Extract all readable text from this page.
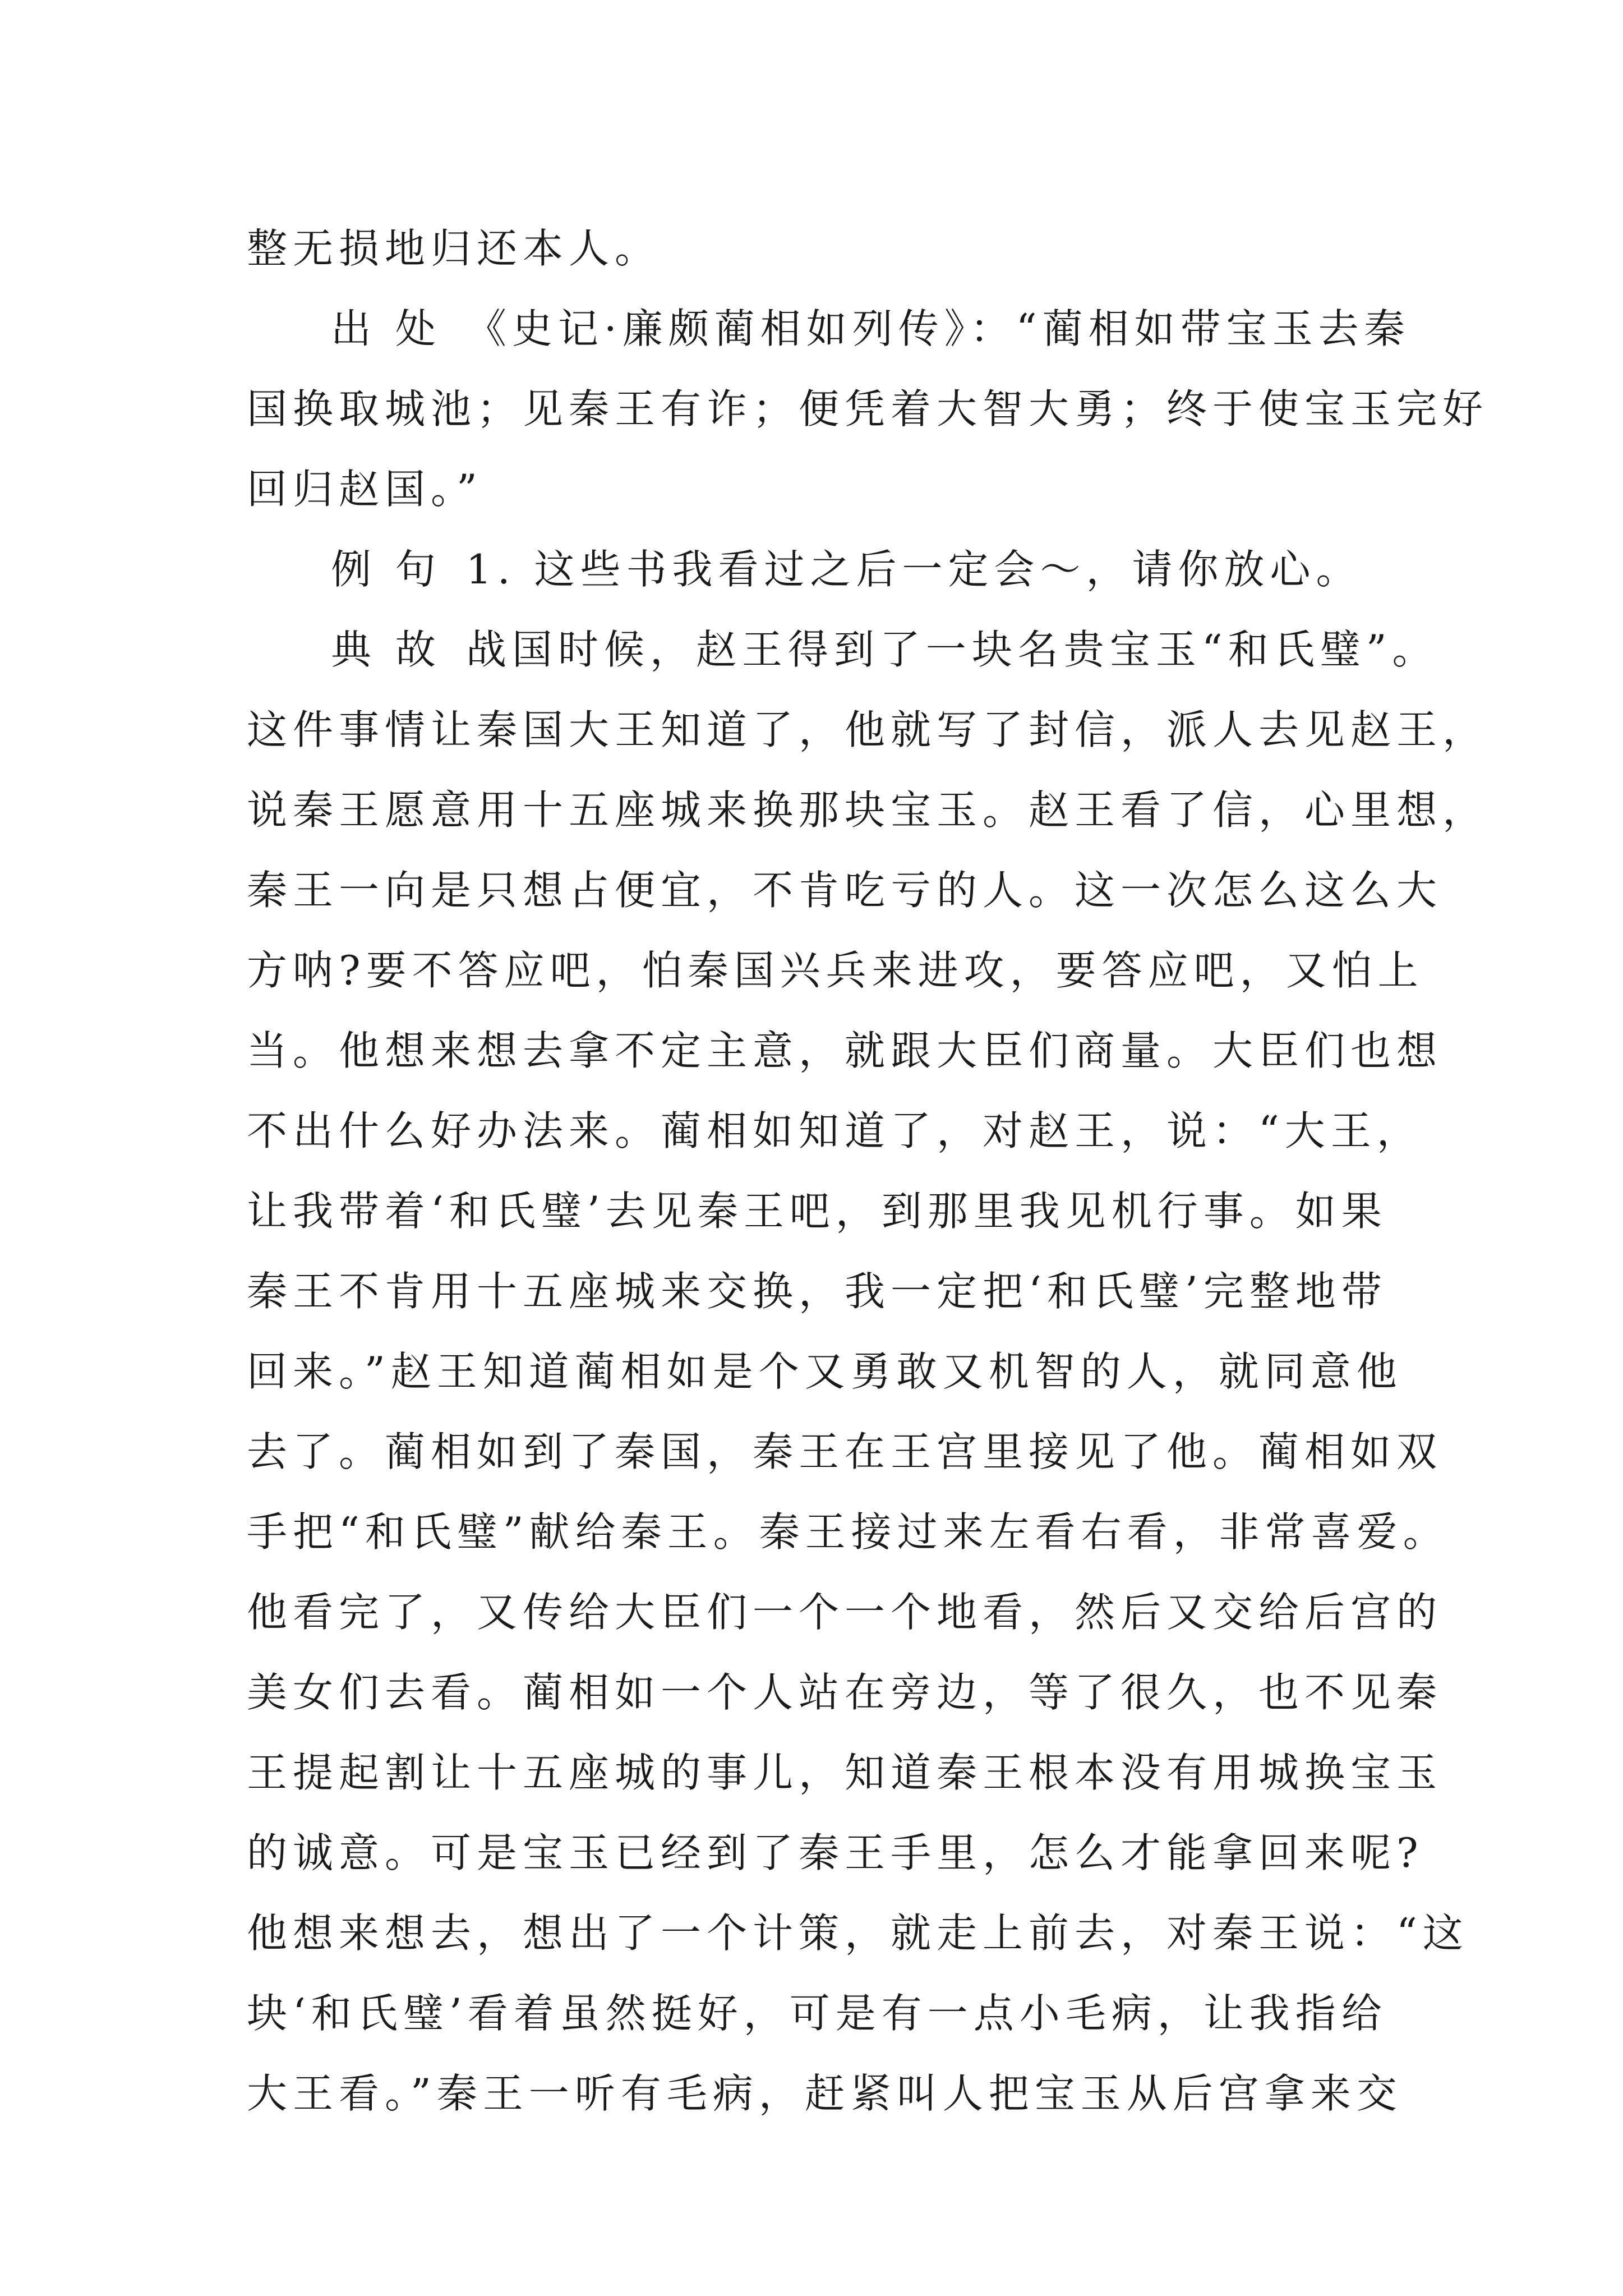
整无损地归还本人。
出 处 《史记·廉颇蔺相如列传》：“蔺相如带宝玉去秦
国换取城池；见秦王有诈；便凭着大智大勇；终于使宝玉完好
回归赵国。”
例 句 1. 这些书我看过之后一定会～，请你放心。
典 故 战国时候，赵王得到了一块名贵宝玉“和氏璧”。
这件事情让秦国大王知道了，他就写了封信，派人去见赵王，
说秦王愿意用十五座城来换那块宝玉。赵王看了信，心里想，
秦王一向是只想占便宜，不肯吃亏的人。这一次怎么这么大
方呐?要不答应吧，怕秦国兴兵来进攻，要答应吧，又怕上
当。他想来想去拿不定主意，就跟大臣们商量。大臣们也想
不出什么好办法来。蔺相如知道了，对赵王，说：“大王，
让我带着‘和氏璧’去见秦王吧，到那里我见机行事。如果
秦王不肯用十五座城来交换，我一定把‘和氏璧’完整地带
回来。”赵王知道蔺相如是个又勇敢又机智的人，就同意他
去了。蔺相如到了秦国，秦王在王宫里接见了他。蔺相如双
手把“和氏璧”献给秦王。秦王接过来左看右看，非常喜爱。
他看完了，又传给大臣们一个一个地看，然后又交给后宫的
美女们去看。蔺相如一个人站在旁边，等了很久，也不见秦
王提起割让十五座城的事儿，知道秦王根本没有用城换宝玉
的诚意。可是宝玉已经到了秦王手里，怎么才能拿回来呢?
他想来想去，想出了一个计策，就走上前去，对秦王说：“这
块‘和氏璧’看着虽然挺好，可是有一点小毛病，让我指给
大王看。”秦王一听有毛病，赶紧叫人把宝玉从后宫拿来交
